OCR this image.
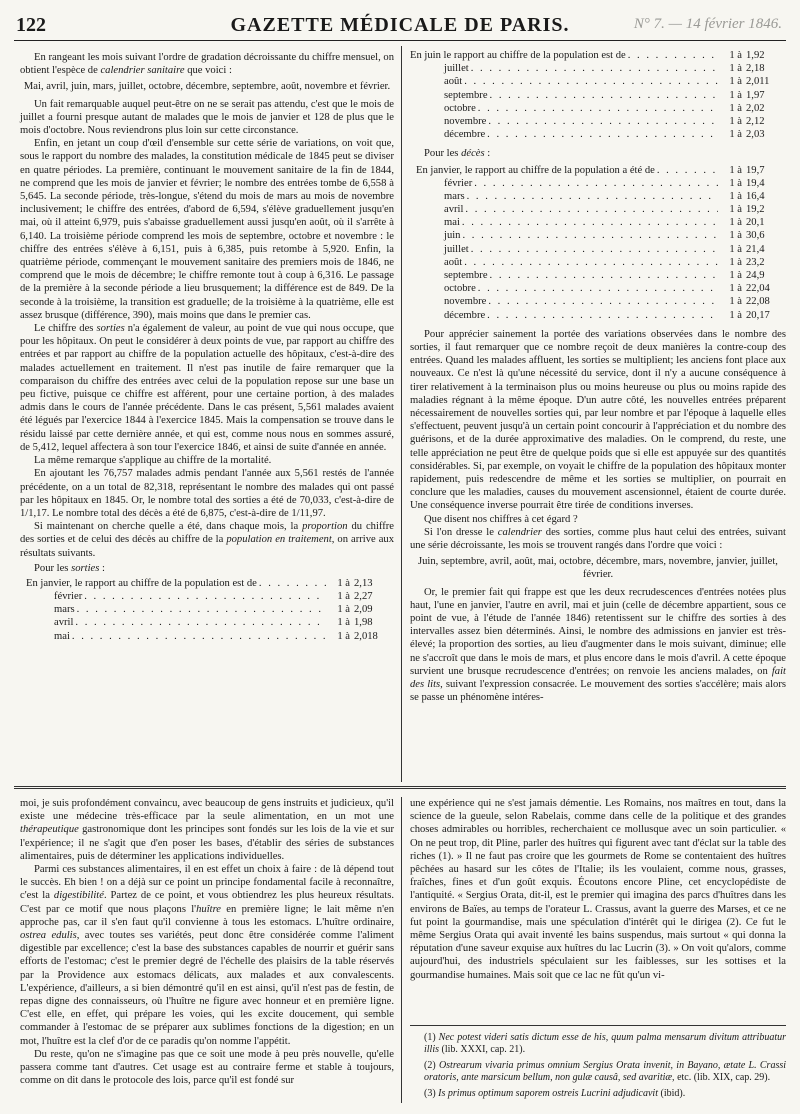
122	GAZETTE MÉDICALE DE PARIS.	N° 7. — 14 février 1846.

En rangeant les mois suivant l'ordre de gradation décroissante du chiffre mensuel, on obtient l'espèce de calendrier sanitaire que voici :

Mai, avril, juin, mars, juillet, octobre, décembre, septembre, août, novembre et février.

Un fait remarquable auquel peut-être on ne se serait pas attendu, c'est que le mois de juillet a fourni presque autant de malades que le mois de janvier et 128 de plus que le mois d'octobre. Nous reviendrons plus loin sur cette circonstance.

Enfin, en jetant un coup d'œil d'ensemble sur cette série de variations, on voit que, sous le rapport du nombre des malades, la constitution médicale de 1845 peut se diviser en quatre périodes. La première, continuant le mouvement sanitaire de la fin de 1844, ne comprend que les mois de janvier et février; le nombre des entrées tombe de 6,558 à 5,645. La seconde période, très-longue, s'étend du mois de mars au mois de novembre inclusivement; le chiffre des entrées, d'abord de 6,594, s'élève graduellement jusqu'en mai, où il atteint 6,979, puis s'abaisse graduellement aussi jusqu'en août, où il s'arrête à 6,140. La troisième période comprend les mois de septembre, octobre et novembre : le chiffre des entrées s'élève à 6,151, puis à 6,385, puis retombe à 5,920. Enfin, la quatrième période, commençant le mouvement sanitaire des premiers mois de 1846, ne comprend que le mois de décembre; le chiffre remonte tout à coup à 6,316. Le passage de la première à la seconde période a lieu brusquement; la différence est de 849. De la seconde à la troisième, la transition est graduelle; de la troisième à la quatrième, elle est assez brusque (différence, 390), mais moins que dans le premier cas.

Le chiffre des sorties n'a également de valeur, au point de vue qui nous occupe, que pour les hôpitaux. On peut le considérer à deux points de vue, par rapport au chiffre des entrées et par rapport au chiffre de la population actuelle des hôpitaux, c'est-à-dire des malades actuellement en traitement. Il n'est pas inutile de faire remarquer que la comparaison du chiffre des entrées avec celui de la population repose sur une base un peu fictive, puisque ce chiffre est afférent, pour une certaine portion, à des malades admis dans le cours de l'année précédente. Dans le cas présent, 5,561 malades avaient été légués par l'exercice 1844 à l'exercice 1845. Mais la compensation se trouve dans le résidu laissé par cette dernière année, et qui est, comme nous nous en sommes assuré, de 5,412, lequel affectera à son tour l'exercice 1846, et ainsi de suite d'année en année.

La même remarque s'applique au chiffre de la mortalité.

En ajoutant les 76,757 malades admis pendant l'année aux 5,561 restés de l'année précédente, on a un total de 82,318, représentant le nombre des malades qui ont passé par les hôpitaux en 1845. Or, le nombre total des sorties a été de 70,033, c'est-à-dire de 1/1,17. Le nombre total des décès a été de 6,875, c'est-à-dire de 1/11,97.

Si maintenant on cherche quelle a été, dans chaque mois, la proportion du chiffre des sorties et de celui des décès au chiffre de la population en traitement, on arrive aux résultats suivants.

Pour les sorties :

En janvier, le rapport au chiffre de la population est de . . .	1 à 2,13
février . . .	1 à 2,27
mars . . .	1 à 2,09
avril . . .	1 à 1,98
mai . . .	1 à 2,018
En juin le rapport au chiffre de la population est de . . .	1 à 1,92
juillet . . .	1 à 2,18
août . . .	1 à 2,011
septembre . . .	1 à 1,97
octobre . . .	1 à 2,02
novembre . . .	1 à 2,12
décembre . . .	1 à 2,03

Pour les décès :

En janvier, le rapport au chiffre de la population a été de . . .	1 à 19,7
février . . .	1 à 19,4
mars . . .	1 à 16,4
avril . . .	1 à 19,2
mai . . .	1 à 20,1
juin . . .	1 à 30,6
juillet . . .	1 à 21,4
août . . .	1 à 23,2
septembre . . .	1 à 24,9
octobre . . .	1 à 22,04
novembre . . .	1 à 22,08
décembre . . .	1 à 20,17

Pour apprécier sainement la portée des variations observées dans le nombre des sorties, il faut remarquer que ce nombre reçoit de deux manières la contre-coup des entrées. Quand les malades affluent, les sorties se multiplient; les anciens font place aux nouveaux. Ce n'est là qu'une nécessité du service, dont il n'y a aucune conséquence à tirer relativement à la terminaison plus ou moins heureuse ou plus ou moins rapide des maladies régnant à la même époque. D'un autre côté, les nouvelles entrées préparent nécessairement de nouvelles sorties qui, par leur nombre et par l'époque à laquelle elles s'effectuent, peuvent jusqu'à un certain point concourir à l'appréciation et du nombre des guérisons, et de la durée approximative des maladies. On le comprend, du reste, une telle appréciation ne peut être de quelque poids que si elle est appuyée sur des quantités considérables. Si, par exemple, on voyait le chiffre de la population des hôpitaux monter rapidement, puis redescendre de même et les sorties se multiplier, on pourrait en conclure que les maladies, causes du mouvement ascensionnel, étaient de courte durée. Une conséquence inverse pourrait être tirée de conditions inverses.

Que disent nos chiffres à cet égard ?

Si l'on dresse le calendrier des sorties, comme plus haut celui des entrées, suivant une série décroissante, les mois se trouvent rangés dans l'ordre que voici :

Juin, septembre, avril, août, mai, octobre, décembre, mars, novembre, janvier, juillet, février.

Or, le premier fait qui frappe est que les deux recrudescences d'entrées notées plus haut, l'une en janvier, l'autre en avril, mai et juin (celle de décembre appartient, sous ce point de vue, à l'étude de l'année 1846) retentissent sur le chiffre des sorties à des intervalles assez bien déterminés. Ainsi, le nombre des admissions en janvier est très-élevé; la proportion des sorties, au lieu d'augmenter dans le mois suivant, diminue; elle ne s'accroît que dans le mois de mars, et plus encore dans le mois d'avril. A cette époque survient une brusque recrudescence d'entrées; on renvoie les anciens malades, on fait des lits, suivant l'expression consacrée. Le mouvement des sorties s'accélère; mais alors se passe un phénomène intéres-

moi, je suis profondément convaincu, avec beaucoup de gens instruits et judicieux, qu'il existe une médecine très-efficace par la seule alimentation, en un mot une thérapeutique gastronomique dont les principes sont fondés sur les lois de la vie et sur l'expérience; il ne s'agit que d'en poser les bases, d'établir des séries de substances alimentaires, puis de déterminer les applications individuelles.

Parmi ces substances alimentaires, il en est effet un choix à faire : de là dépend tout le succès. Eh bien ! on a déjà sur ce point un principe fondamental facile à reconnaître, c'est la digestibilité. Partez de ce point, et vous obtiendrez les plus heureux résultats. C'est par ce motif que nous plaçons l'huître en première ligne; le lait même n'en approche pas, car il s'en faut qu'il convienne à tous les estomacs. L'huître ordinaire, ostrea edulis, avec toutes ses variétés, peut donc être considérée comme l'aliment digestible par excellence; c'est la base des substances capables de nourrir et guérir sans efforts de l'estomac; c'est le premier degré de l'échelle des plaisirs de la table réservés par la Providence aux estomacs délicats, aux malades et aux convalescents. L'expérience, d'ailleurs, a si bien démontré qu'il en est ainsi, qu'il n'est pas de festin, de repas digne des connaisseurs, où l'huître ne figure avec honneur et en première ligne. C'est elle, en effet, qui prépare les voies, qui les excite doucement, qui semble commander à l'estomac de se préparer aux sublimes fonctions de la digestion; en un mot, l'huître est la clef d'or de ce paradis qu'on nomme l'appétit.

Du reste, qu'on ne s'imagine pas que ce soit une mode à peu près nouvelle, qu'elle passera comme tant d'autres. Cet usage est au contraire ferme et stable à toujours, comme on dit dans le protocole des lois, parce qu'il est fondé sur

une expérience qui ne s'est jamais démentie. Les Romains, nos maîtres en tout, dans la science de la gueule, selon Rabelais, comme dans celle de la politique et des grandes choses admirables ou horribles, recherchaient ce mollusque avec un soin particulier. « On ne peut trop, dit Pline, parler des huîtres qui figurent avec tant d'éclat sur la table des riches (1). » Il ne faut pas croire que les gourmets de Rome se contentaient des huîtres pêchées au hasard sur les côtes de l'Italie; ils les voulaient, comme nous, grasses, fraîches, fines et d'un goût exquis. Écoutons encore Pline, cet encyclopédiste de l'antiquité. « Sergius Orata, dit-il, est le premier qui imagina des parcs d'huîtres dans les environs de Baïes, au temps de l'orateur L. Crassus, avant la guerre des Marses, et ce ne fut point la gourmandise, mais une spéculation d'intérêt qui le dirigea (2). Ce fut le même Sergius Orata qui avait inventé les bains suspendus, mais surtout « qui donna la réputation d'une saveur exquise aux huîtres du lac Lucrin (3). » On voit qu'alors, comme aujourd'hui, des industriels spéculaient sur les faiblesses, sur les sottises et la gourmandise humaines. Mais soit que ce lac ne fût qu'un vi-

(1) Nec potest videri satis dictum esse de his, quum palma mensarum divitum attribuatur illis (lib. XXXI, cap. 21).

(2) Ostrearum vivaria primus omnium Sergius Orata invenit, in Bayano, ætate L. Crassi oratoris, ante marsicum bellum, non gulæ causâ, sed avaritiæ, etc. (lib. XIX, cap. 29).

(3) Is primus optimum saporem ostreis Lucrini adjudicavit (ibid).
